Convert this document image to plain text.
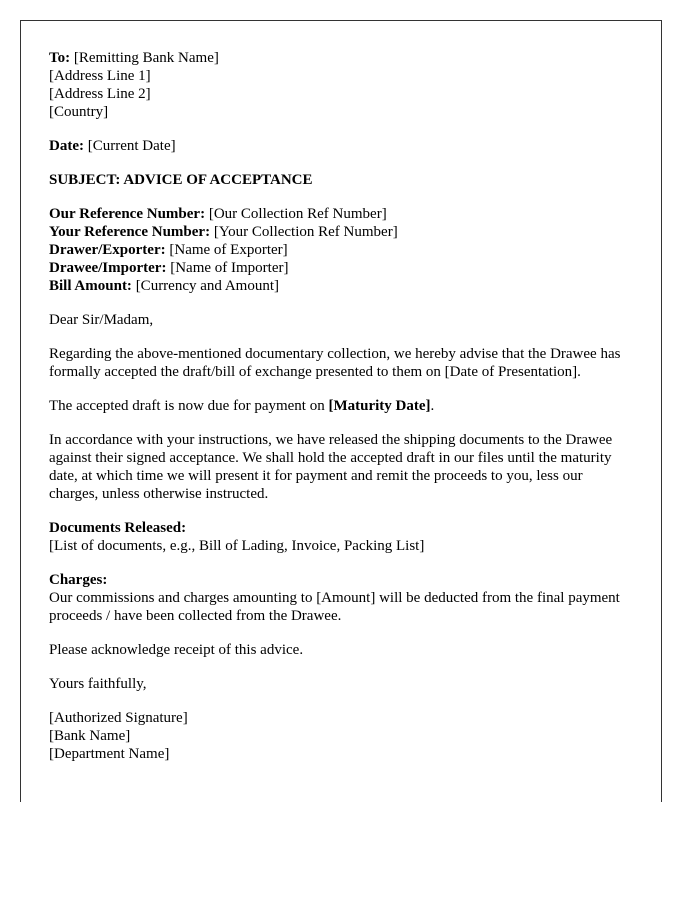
To: [Remitting Bank Name]
[Address Line 1]
[Address Line 2]
[Country]

Date: [Current Date]

SUBJECT: ADVICE OF ACCEPTANCE

Our Reference Number: [Our Collection Ref Number]
Your Reference Number: [Your Collection Ref Number]
Drawer/Exporter: [Name of Exporter]
Drawee/Importer: [Name of Importer]
Bill Amount: [Currency and Amount]

Dear Sir/Madam,

Regarding the above-mentioned documentary collection, we hereby advise that the Drawee has formally accepted the draft/bill of exchange presented to them on [Date of Presentation].

The accepted draft is now due for payment on [Maturity Date].

In accordance with your instructions, we have released the shipping documents to the Drawee against their signed acceptance. We shall hold the accepted draft in our files until the maturity date, at which time we will present it for payment and remit the proceeds to you, less our charges, unless otherwise instructed.

Documents Released:
[List of documents, e.g., Bill of Lading, Invoice, Packing List]

Charges:
Our commissions and charges amounting to [Amount] will be deducted from the final payment proceeds / have been collected from the Drawee.

Please acknowledge receipt of this advice.

Yours faithfully,

[Authorized Signature]
[Bank Name]
[Department Name]
